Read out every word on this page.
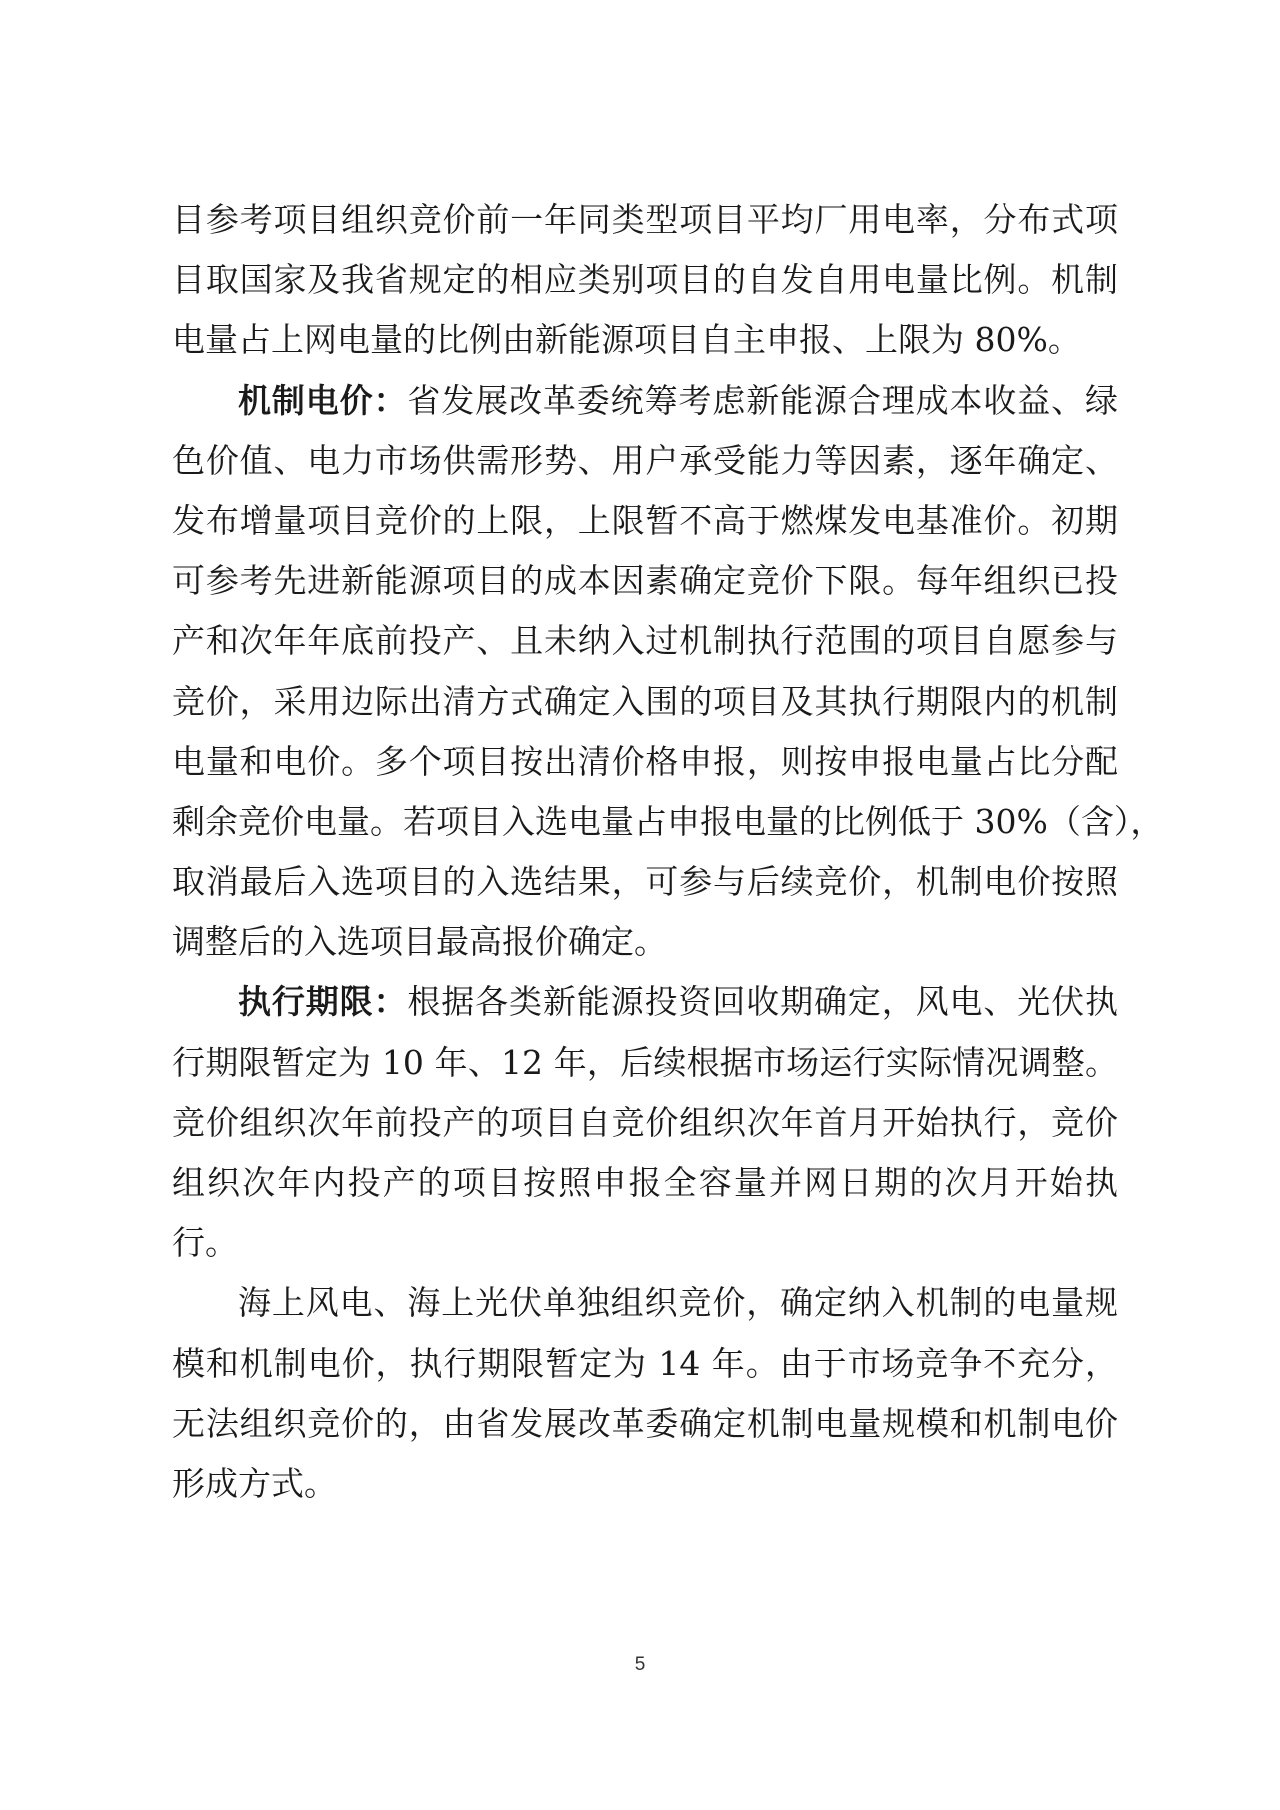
目参考项目组织竞价前一年同类型项目平均厂用电率，分布式项
目取国家及我省规定的相应类别项目的自发自用电量比例。机制
电量占上网电量的比例由新能源项目自主申报、上限为 80%。
机制电价：省发展改革委统筹考虑新能源合理成本收益、绿
色价值、电力市场供需形势、用户承受能力等因素，逐年确定、
发布增量项目竞价的上限，上限暂不高于燃煤发电基准价。初期
可参考先进新能源项目的成本因素确定竞价下限。每年组织已投
产和次年年底前投产、且未纳入过机制执行范围的项目自愿参与
竞价，采用边际出清方式确定入围的项目及其执行期限内的机制
电量和电价。多个项目按出清价格申报，则按申报电量占比分配
剩余竞价电量。若项目入选电量占申报电量的比例低于 30%（含），
取消最后入选项目的入选结果，可参与后续竞价，机制电价按照
调整后的入选项目最高报价确定。
执行期限：根据各类新能源投资回收期确定，风电、光伏执
行期限暂定为 10 年、12 年，后续根据市场运行实际情况调整。
竞价组织次年前投产的项目自竞价组织次年首月开始执行，竞价
组织次年内投产的项目按照申报全容量并网日期的次月开始执
行。
海上风电、海上光伏单独组织竞价，确定纳入机制的电量规
模和机制电价，执行期限暂定为 14 年。由于市场竞争不充分，
无法组织竞价的，由省发展改革委确定机制电量规模和机制电价
形成方式。
5
